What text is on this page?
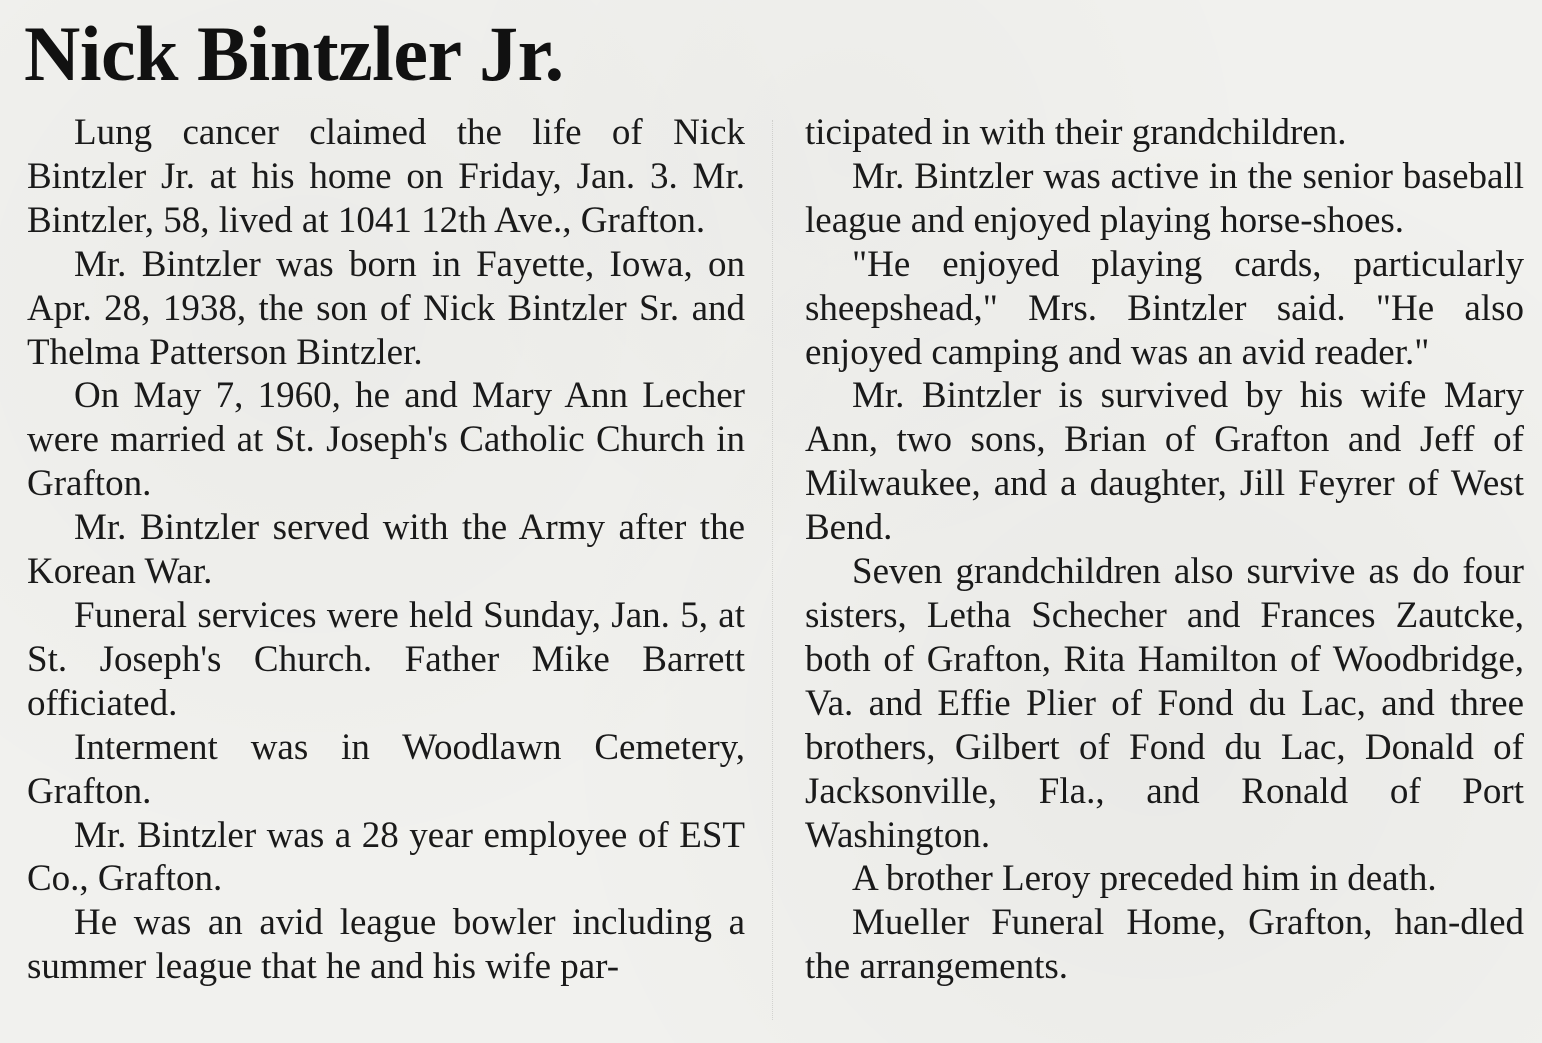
Nick Bintzler Jr.

Lung cancer claimed the life of Nick Bintzler Jr. at his home on Friday, Jan. 3. Mr. Bintzler, 58, lived at 1041 12th Ave., Grafton.

Mr. Bintzler was born in Fayette, Iowa, on Apr. 28, 1938, the son of Nick Bintzler Sr. and Thelma Patterson Bintzler.

On May 7, 1960, he and Mary Ann Lecher were married at St. Joseph's Catholic Church in Grafton.

Mr. Bintzler served with the Army after the Korean War.

Funeral services were held Sunday, Jan. 5, at St. Joseph's Church. Father Mike Barrett officiated.

Interment was in Woodlawn Cemetery, Grafton.

Mr. Bintzler was a 28 year employee of EST Co., Grafton.

He was an avid league bowler including a summer league that he and his wife par-

ticipated in with their grandchildren.

Mr. Bintzler was active in the senior baseball league and enjoyed playing horse-shoes.

"He enjoyed playing cards, particularly sheepshead," Mrs. Bintzler said. "He also enjoyed camping and was an avid reader."

Mr. Bintzler is survived by his wife Mary Ann, two sons, Brian of Grafton and Jeff of Milwaukee, and a daughter, Jill Feyrer of West Bend.

Seven grandchildren also survive as do four sisters, Letha Schecher and Frances Zautcke, both of Grafton, Rita Hamilton of Woodbridge, Va. and Effie Plier of Fond du Lac, and three brothers, Gilbert of Fond du Lac, Donald of Jacksonville, Fla., and Ronald of Port Washington.

A brother Leroy preceded him in death.

Mueller Funeral Home, Grafton, han-dled the arrangements.
